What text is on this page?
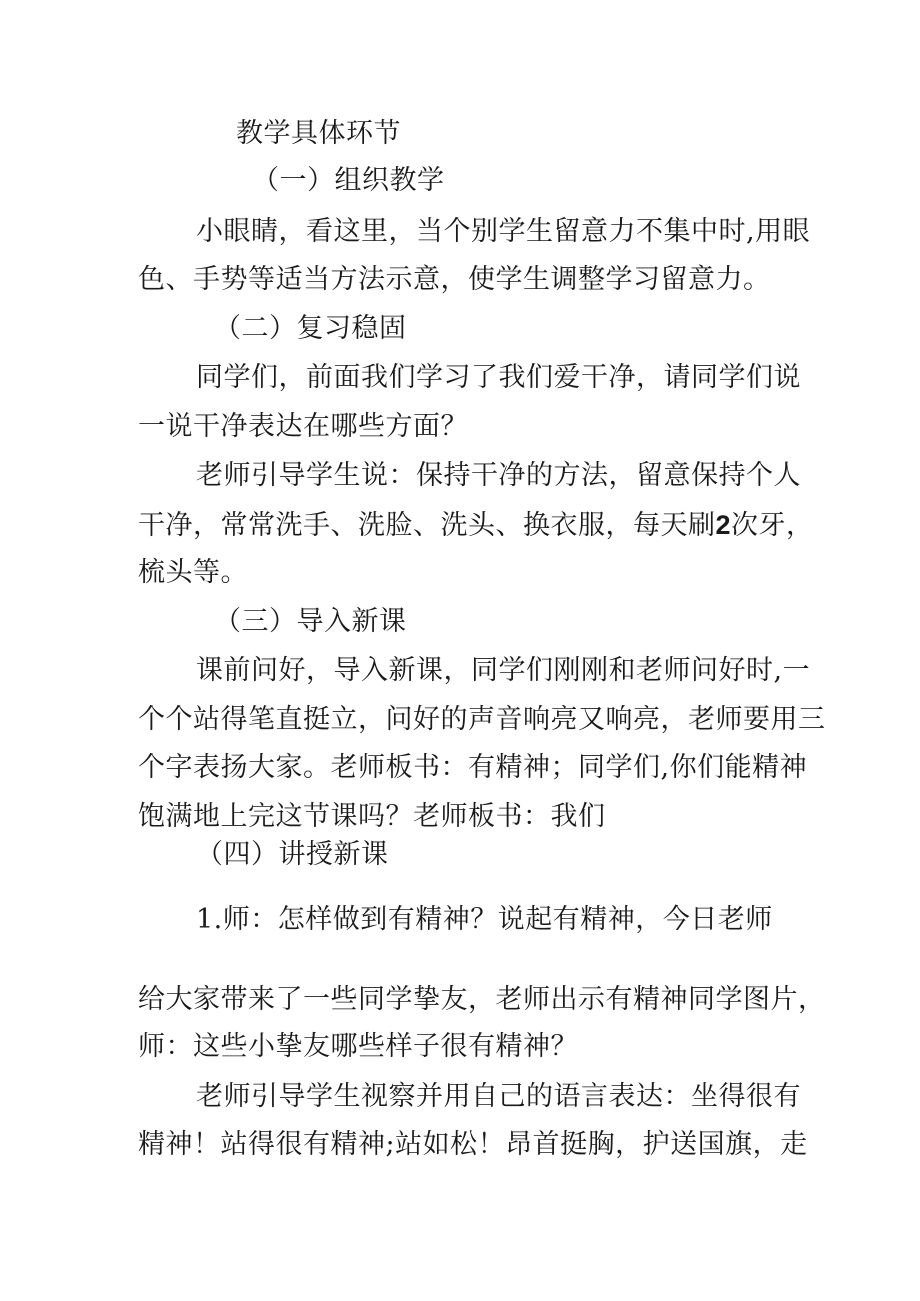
教学具体环节
（一）组织教学
小眼睛，看这里，当个别学生留意力不集中时,用眼
色、手势等适当方法示意，使学生调整学习留意力。
（二）复习稳固
同学们，前面我们学习了我们爱干净，请同学们说
一说干净表达在哪些方面？
老师引导学生说：保持干净的方法，留意保持个人
干净，常常洗手、洗脸、洗头、换衣服，每天刷2次牙，
梳头等。
（三）导入新课
课前问好，导入新课，同学们刚刚和老师问好时,一
个个站得笔直挺立，问好的声音响亮又响亮，老师要用三
个字表扬大家。老师板书：有精神；同学们,你们能精神
饱满地上完这节课吗？老师板书：我们
（四）讲授新课
1.师：怎样做到有精神？说起有精神，今日老师
给大家带来了一些同学挚友，老师出示有精神同学图片，
师：这些小挚友哪些样子很有精神？
老师引导学生视察并用自己的语言表达：坐得很有
精神！站得很有精神;站如松！昂首挺胸，护送国旗，走
